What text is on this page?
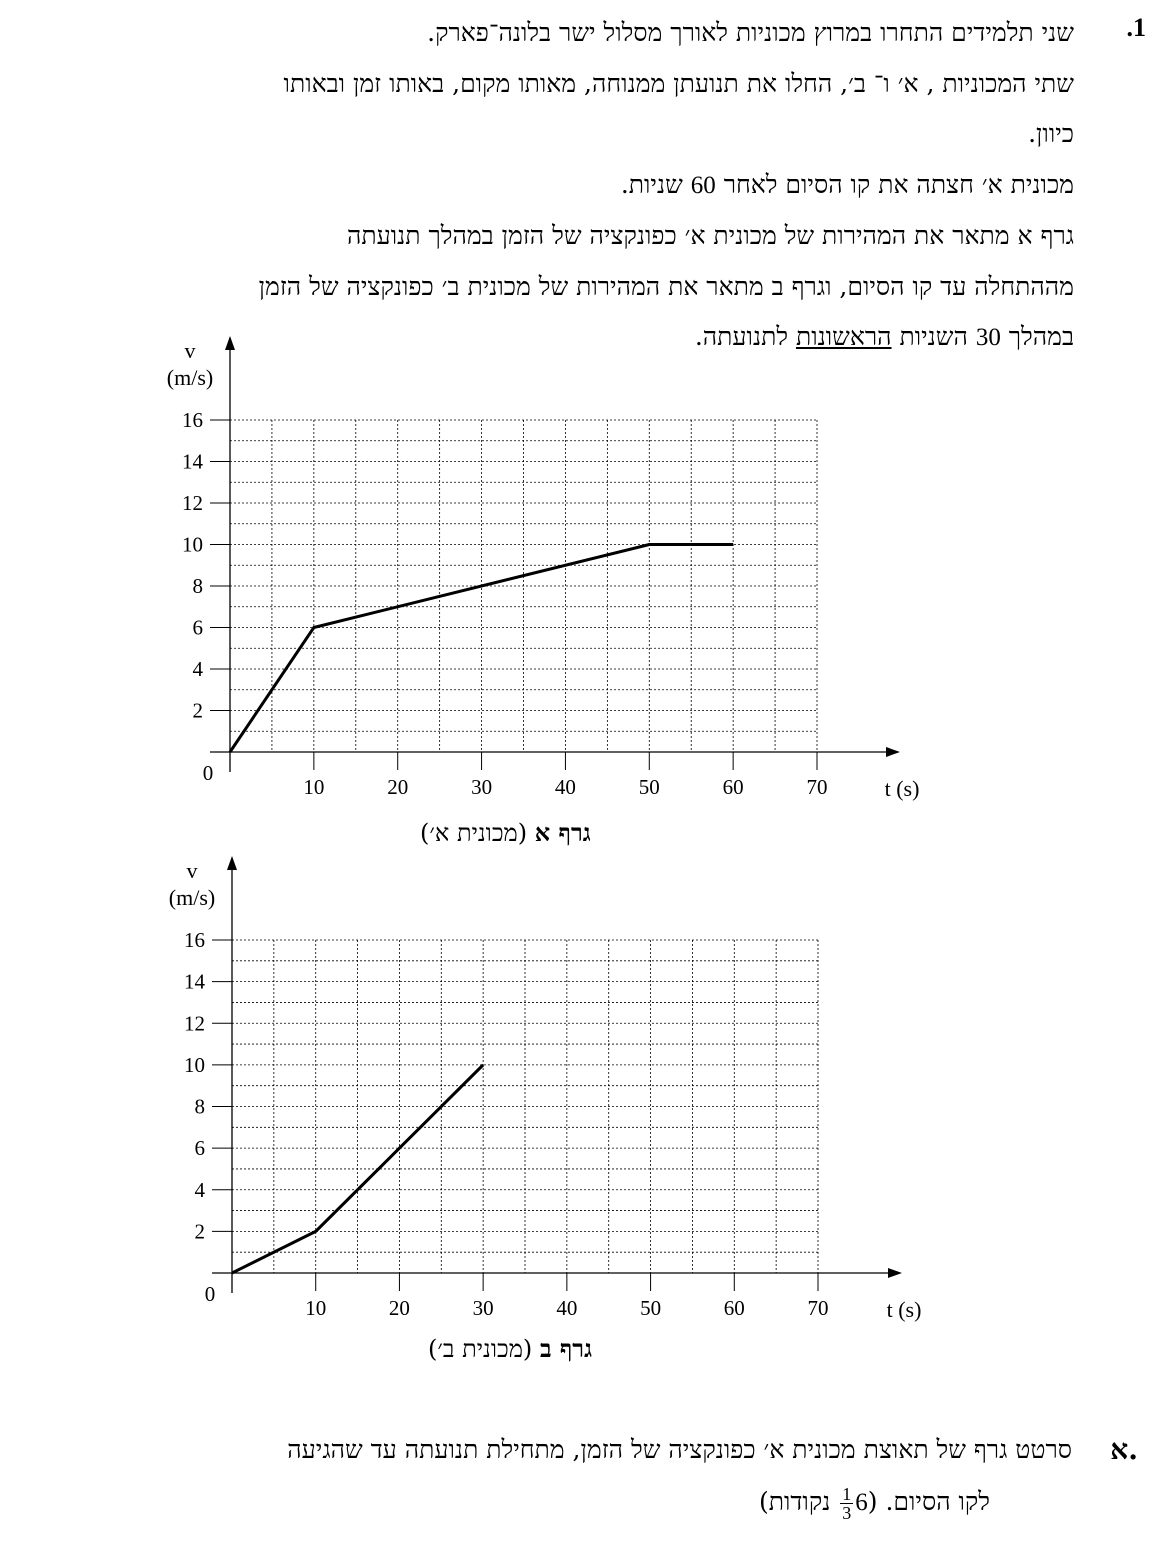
.1

שני תלמידים התחרו במרוץ מכוניות לאורך מסלול ישר בלונה־פארק.

שתי המכוניות , א׳ ו־ ב׳, החלו את תנועתן ממנוחה, מאותו מקום, באותו זמן ובאותו

כיוון.

מכונית א׳ חצתה את קו הסיום לאחר 60 שניות.

גרף א מתאר את המהירות של מכונית א׳ כפונקציה של הזמן במהלך תנועתה

מההתחלה עד קו הסיום, וגרף ב מתאר את המהירות של מכונית ב׳ כפונקציה של הזמן

במהלך 30 השניות הראשונות לתנועתה.

2
4
6
8
10
12
14
16
10	20	30	40	50	60	70
0
t (s)
v
(m/s)
גרף א (מכונית א׳)
2
4
6
8
10
12
14
16
10	20	30	40	50	60	70
0
t (s)
v
(m/s)
גרף ב (מכונית ב׳)
א.

סרטט גרף של תאוצת מכונית א׳ כפונקציה של הזמן, מתחילת תנועתה עד שהגיעה

לקו הסיום. (6
$\frac{1}{3}$
נקודות)
